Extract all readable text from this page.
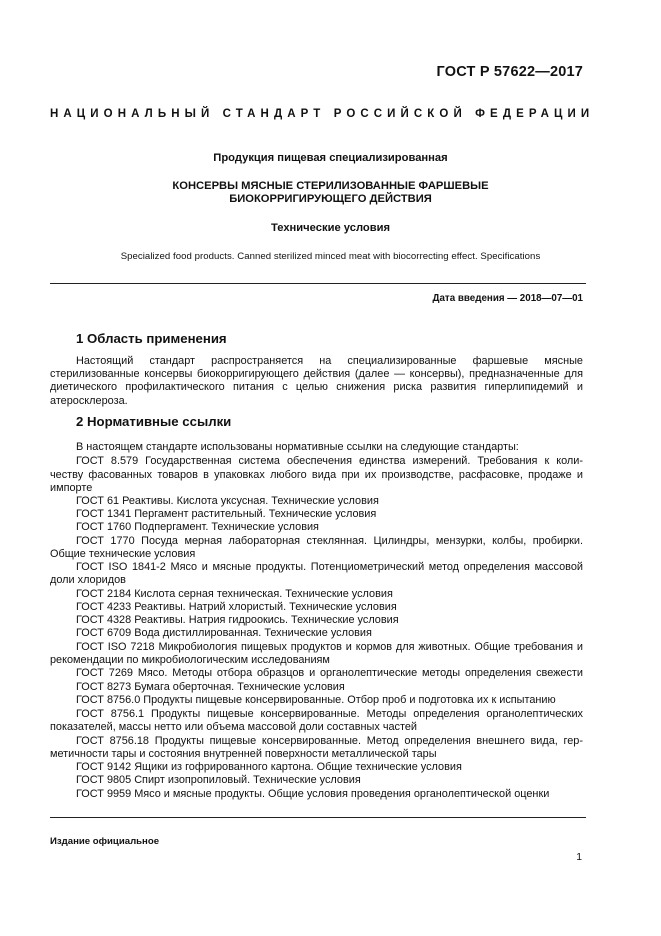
ГОСТ Р 57622—2017
НАЦИОНАЛЬНЫЙ СТАНДАРТ РОССИЙСКОЙ ФЕДЕРАЦИИ
Продукция пищевая специализированная
КОНСЕРВЫ МЯСНЫЕ СТЕРИЛИЗОВАННЫЕ ФАРШЕВЫЕ
БИОКОРРИГИРУЮЩЕГО ДЕЙСТВИЯ
Технические условия
Specialized food products. Canned sterilized minced meat with biocorrecting effect. Specifications
Дата введения — 2018—07—01
1 Область применения
Настоящий стандарт распространяется на специализированные фаршевые мясные стерилизованные консервы биокорригирующего действия (далее — консервы), предназначенные для диетического профилактического питания с целью снижения риска развития гиперлипидемий и атеросклероза.
2 Нормативные ссылки
В настоящем стандарте использованы нормативные ссылки на следующие стандарты:
ГОСТ 8.579 Государственная система обеспечения единства измерений. Требования к коли-
честву фасованных товаров в упаковках любого вида при их производстве, расфасовке, продаже и
импорте
ГОСТ 61 Реактивы. Кислота уксусная. Технические условия
ГОСТ 1341 Пергамент растительный. Технические условия
ГОСТ 1760 Подпергамент. Технические условия
ГОСТ 1770 Посуда мерная лабораторная стеклянная. Цилиндры, мензурки, колбы, пробирки.
Общие технические условия
ГОСТ ISO 1841-2 Мясо и мясные продукты. Потенциометрический метод определения массовой
доли хлоридов
ГОСТ 2184 Кислота серная техническая. Технические условия
ГОСТ 4233 Реактивы. Натрий хлористый. Технические условия
ГОСТ 4328 Реактивы. Натрия гидроокись. Технические условия
ГОСТ 6709 Вода дистиллированная. Технические условия
ГОСТ ISO 7218 Микробиология пищевых продуктов и кормов для животных. Общие требования и
рекомендации по микробиологическим исследованиям
ГОСТ 7269 Мясо. Методы отбора образцов и органолептические методы определения свежести
ГОСТ 8273 Бумага оберточная. Технические условия
ГОСТ 8756.0 Продукты пищевые консервированные. Отбор проб и подготовка их к испытанию
ГОСТ 8756.1 Продукты пищевые консервированные. Методы определения органолептических
показателей, массы нетто или объема массовой доли составных частей
ГОСТ 8756.18 Продукты пищевые консервированные. Метод определения внешнего вида, гер-
метичности тары и состояния внутренней поверхности металлической тары
ГОСТ 9142 Ящики из гофрированного картона. Общие технические условия
ГОСТ 9805 Спирт изопропиловый. Технические условия
ГОСТ 9959 Мясо и мясные продукты. Общие условия проведения органолептической оценки
Издание официальное
1
